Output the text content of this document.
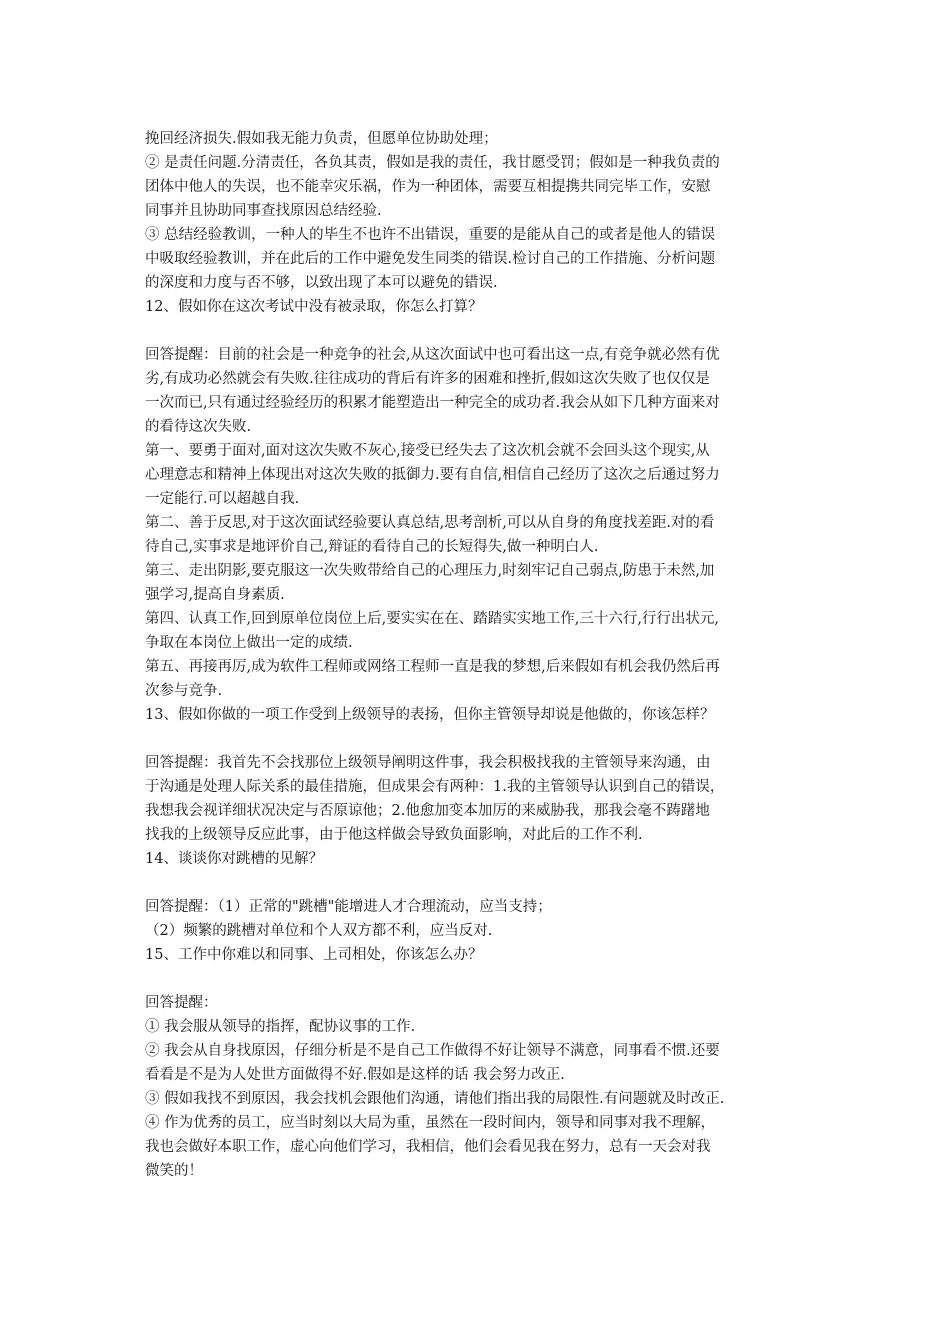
挽回经济损失.假如我无能力负责，但愿单位协助处理；
② 是责任问题.分清责任，各负其责，假如是我的责任，我甘愿受罚；假如是一种我负责的
团体中他人的失误，也不能幸灾乐祸，作为一种团体，需要互相提携共同完毕工作，安慰
同事并且协助同事查找原因总结经验.
③ 总结经验教训，一种人的毕生不也许不出错误，重要的是能从自己的或者是他人的错误
中吸取经验教训，并在此后的工作中避免发生同类的错误.检讨自己的工作措施、分析问题
的深度和力度与否不够，以致出现了本可以避免的错误.
12、假如你在这次考试中没有被录取，你怎么打算？
回答提醒：目前的社会是一种竞争的社会,从这次面试中也可看出这一点,有竞争就必然有优
劣,有成功必然就会有失败.往往成功的背后有许多的困难和挫折,假如这次失败了也仅仅是
一次而已,只有通过经验经历的积累才能塑造出一种完全的成功者.我会从如下几种方面来对
的看待这次失败.
第一、要勇于面对,面对这次失败不灰心,接受已经失去了这次机会就不会回头这个现实,从
心理意志和精神上体现出对这次失败的抵御力.要有自信,相信自己经历了这次之后通过努力
一定能行.可以超越自我.
第二、善于反思,对于这次面试经验要认真总结,思考剖析,可以从自身的角度找差距.对的看
待自己,实事求是地评价自己,辩证的看待自己的长短得失,做一种明白人.
第三、走出阴影,要克服这一次失败带给自己的心理压力,时刻牢记自己弱点,防患于未然,加
强学习,提高自身素质.
第四、认真工作,回到原单位岗位上后,要实实在在、踏踏实实地工作,三十六行,行行出状元,
争取在本岗位上做出一定的成绩.
第五、再接再厉,成为软件工程师或网络工程师一直是我的梦想,后来假如有机会我仍然后再
次参与竞争.
13、假如你做的一项工作受到上级领导的表扬，但你主管领导却说是他做的，你该怎样？
回答提醒：我首先不会找那位上级领导阐明这件事，我会积极找我的主管领导来沟通，由
于沟通是处理人际关系的最佳措施，但成果会有两种：1.我的主管领导认识到自己的错误，
我想我会视详细状况决定与否原谅他；2.他愈加变本加厉的来威胁我，那我会毫不踌躇地
找我的上级领导反应此事，由于他这样做会导致负面影响，对此后的工作不利.
14、谈谈你对跳槽的见解？
回答提醒：（1）正常的"跳槽"能增进人才合理流动，应当支持；
（2）频繁的跳槽对单位和个人双方都不利，应当反对.
15、工作中你难以和同事、上司相处，你该怎么办？
回答提醒：
① 我会服从领导的指挥，配协议事的工作.
② 我会从自身找原因，仔细分析是不是自己工作做得不好让领导不满意，同事看不惯.还要
看看是不是为人处世方面做得不好.假如是这样的话 我会努力改正.
③ 假如我找不到原因，我会找机会跟他们沟通，请他们指出我的局限性.有问题就及时改正.
④ 作为优秀的员工，应当时刻以大局为重，虽然在一段时间内，领导和同事对我不理解，
我也会做好本职工作，虚心向他们学习，我相信，他们会看见我在努力，总有一天会对我
微笑的！
